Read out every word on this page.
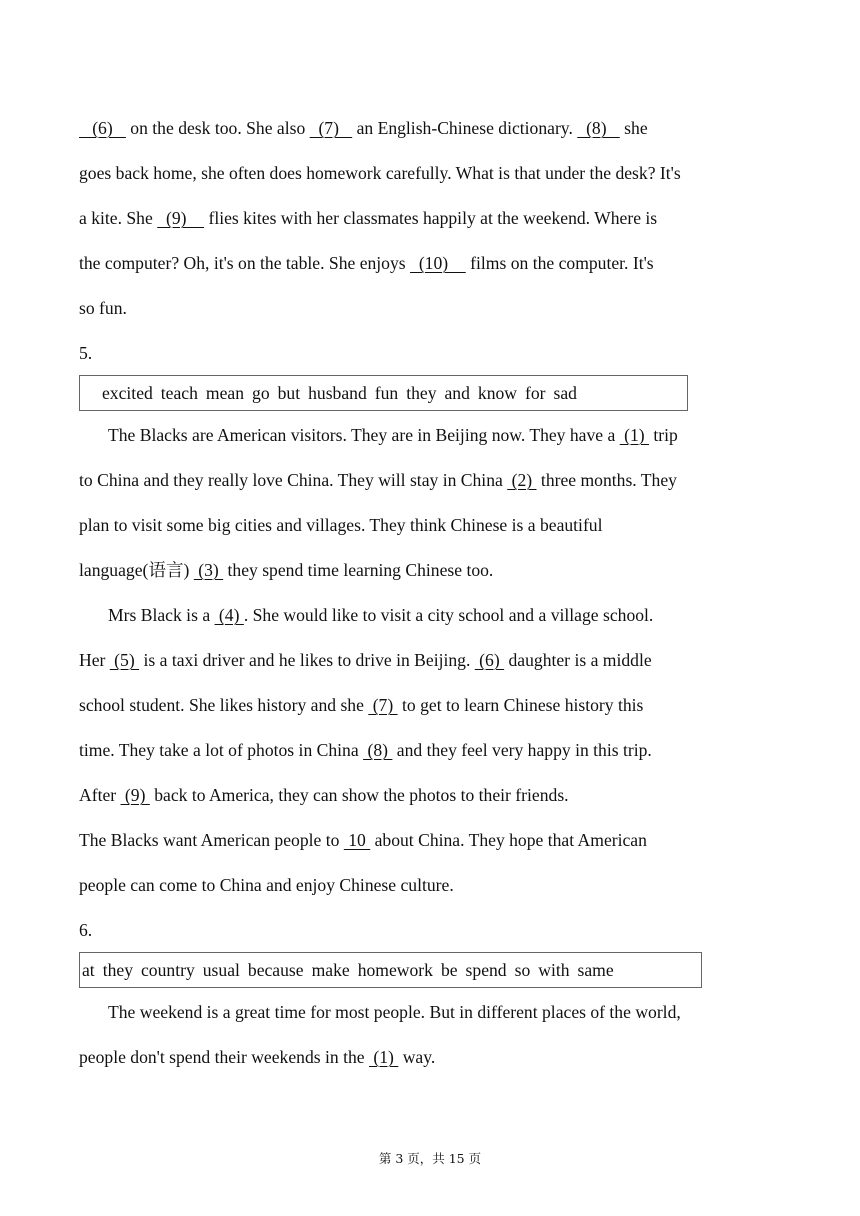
(6)    on the desk too. She also   (7)    an English-Chinese dictionary.   (8)    she
goes back home, she often does homework carefully. What is that under the desk? It's
a kite. She   (9)     flies kites with her classmates happily at the weekend. Where is
the computer? Oh, it's on the table. She enjoys   (10)     films on the computer. It's
so fun.
5.
excited teach mean go but husband fun they and know for sad
The Blacks are American visitors. They are in Beijing now. They have a  (1)  trip
to China and they really love China. They will stay in China  (2)  three months. They
plan to visit some big cities and villages. They think Chinese is a beautiful
language(语言)  (3)  they spend time learning Chinese too.
Mrs Black is a  (4) . She would like to visit a city school and a village school.
Her  (5)  is a taxi driver and he likes to drive in Beijing.  (6)  daughter is a middle
school student. She likes history and she  (7)  to get to learn Chinese history this
time. They take a lot of photos in China  (8)  and they feel very happy in this trip.
After  (9)  back to America, they can show the photos to their friends.
The Blacks want American people to  10  about China. They hope that American
people can come to China and enjoy Chinese culture.
6.
at they country usual because make homework be spend so with same
The weekend is a great time for most people. But in different places of the world,
people don't spend their weekends in the  (1)  way.
第 3 页，共 15 页
